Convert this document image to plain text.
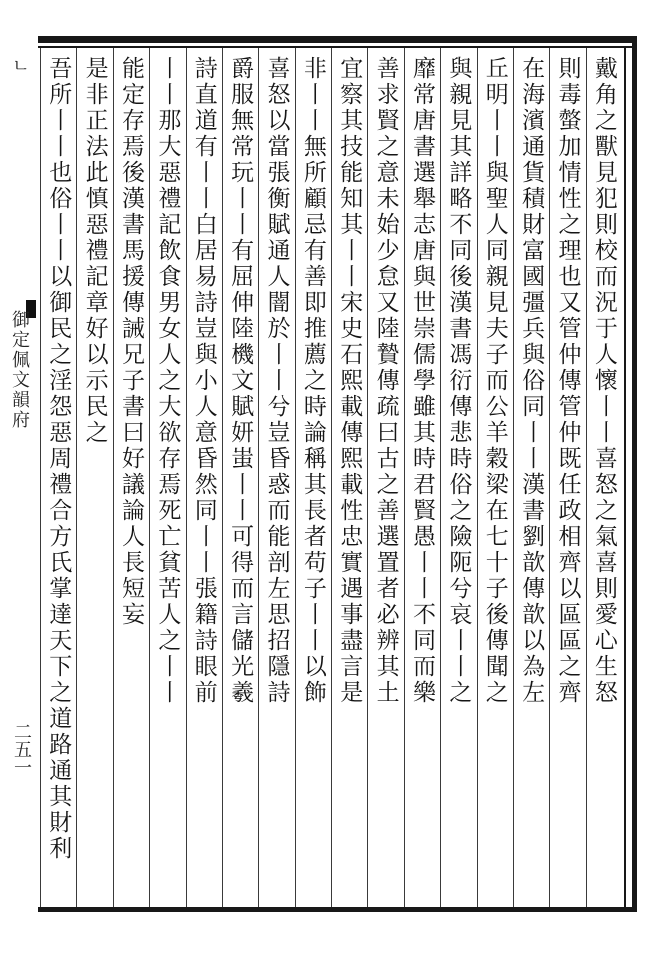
ㄴ
御定佩文韻府
二五一
戴角之獸見犯則校而況于人懷丨丨喜怒之氣喜則愛心生怒
則毒螫加情性之理也又管仲傳管仲既任政相齊以區區之齊
在海濱通貨積財富國彊兵與俗同丨丨漢書劉歆傳歆以為左
丘明丨丨與聖人同親見夫子而公羊穀梁在七十子後傳聞之
與親見其詳略不同後漢書馮衍傳悲時俗之險阨兮哀丨丨之
靡常唐書選舉志唐與世崇儒學雖其時君賢愚丨丨不同而樂
善求賢之意未始少怠又陸贄傳疏曰古之善選置者必辨其土
宜察其技能知其丨丨宋史石熙載傳熙載性忠實遇事盡言是
非丨丨無所顧忌有善即推薦之時論稱其長者苟子丨丨以飾
喜怒以當張衡賦通人闇於丨丨兮豈昏惑而能剖左思招隱詩
爵服無常玩丨丨有屈伸陸機文賦妍蚩丨丨可得而言儲光羲
詩直道有丨丨白居易詩豈與小人意昏然同丨丨張籍詩眼前
丨丨那大惡禮記飲食男女人之大欲存焉死亡貧苦人之丨丨
能定存焉後漢書馬援傳誡兄子書曰好議論人長短妄
是非正法此慎惡禮記章好以示民之
吾所丨丨也俗丨丨以御民之淫怨惡周禮合方氏掌達天下之道路通其財利
